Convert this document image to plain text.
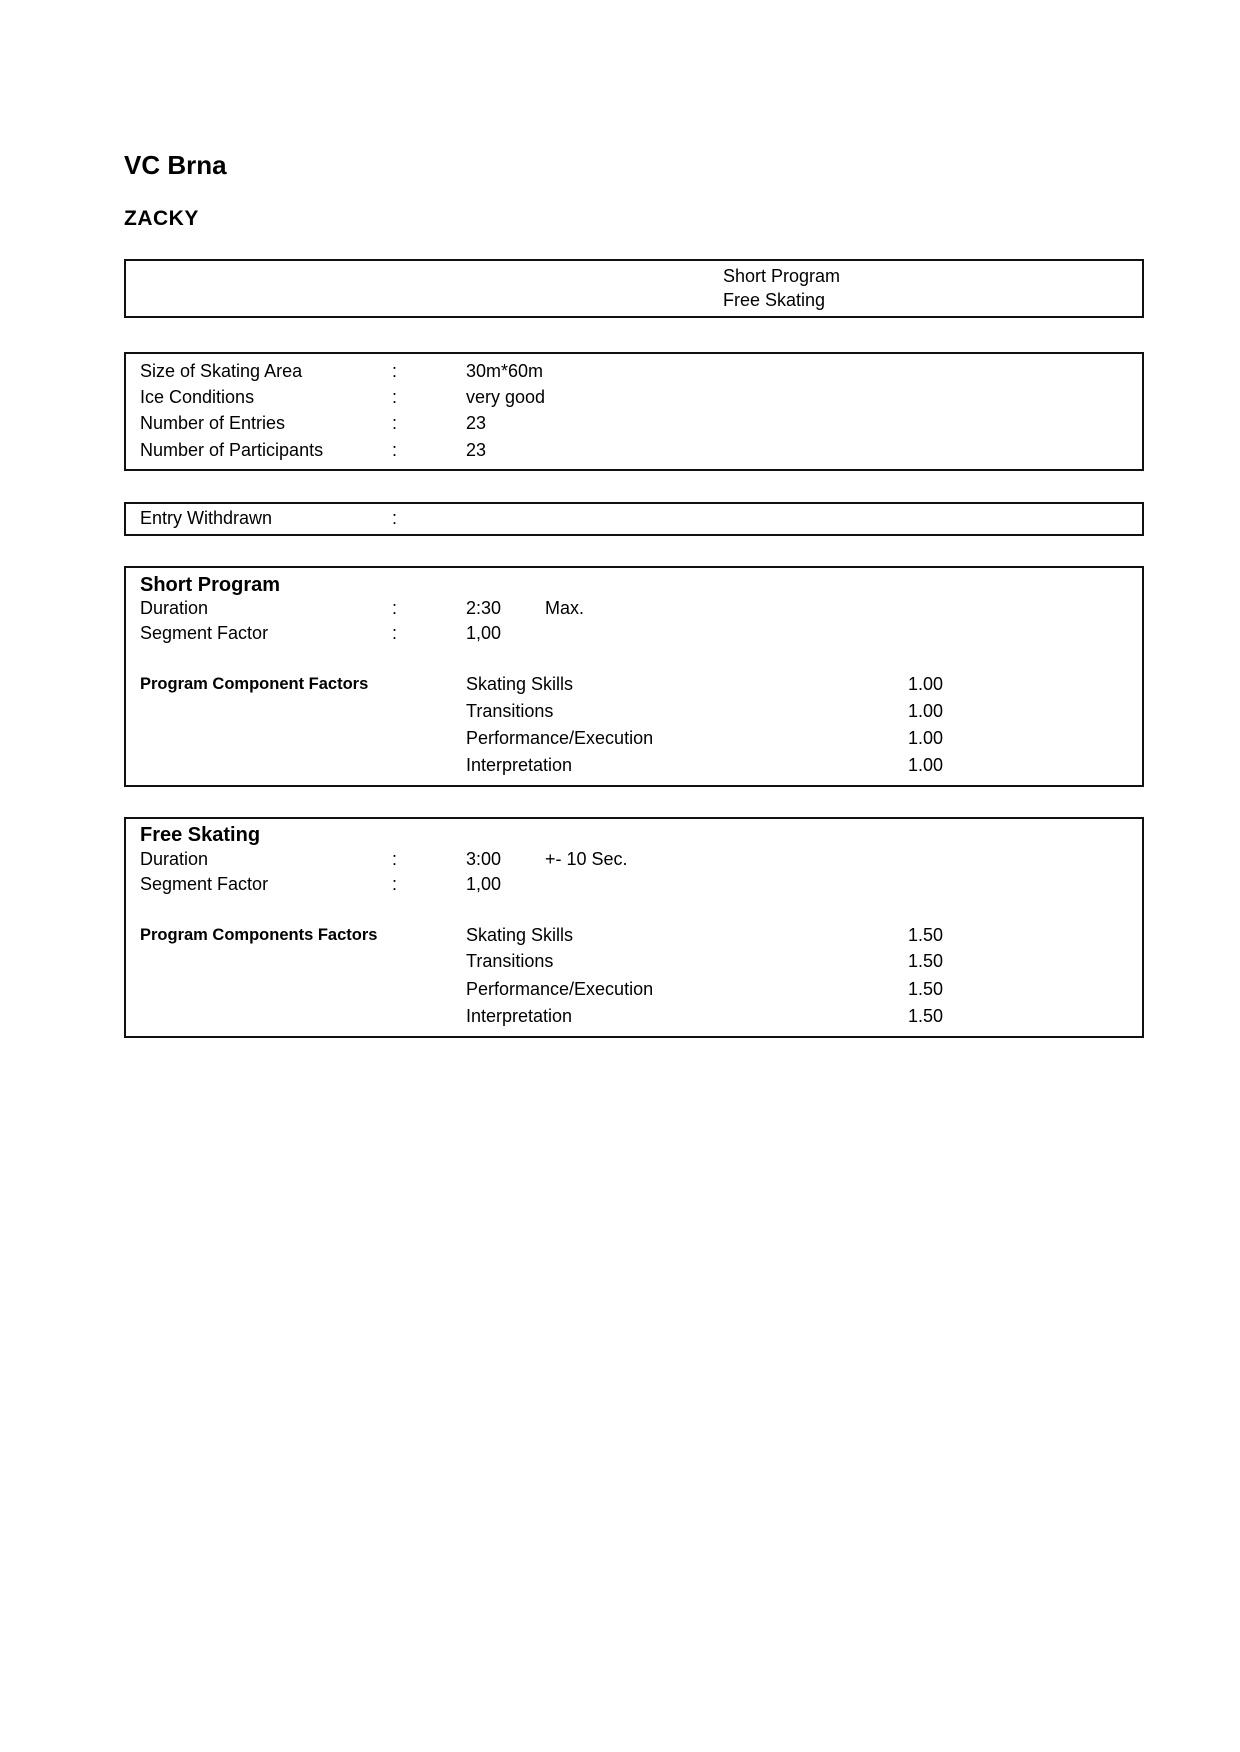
VC Brna
ZACKY
Short Program
Free Skating
Size of Skating Area	:	30m*60m
Ice Conditions	:	very good
Number of Entries	:	23
Number of Participants	:	23
Entry Withdrawn	:
Short Program
Duration	:	2:30 Max.
Segment Factor	:	1,00
Program Component Factors	Skating Skills	1.00
Transitions	1.00
Performance/Execution	1.00
Interpretation	1.00
Free Skating
Duration	:	3:00 +- 10 Sec.
Segment Factor	:	1,00
Program Components Factors	Skating Skills	1.50
Transitions	1.50
Performance/Execution	1.50
Interpretation	1.50
